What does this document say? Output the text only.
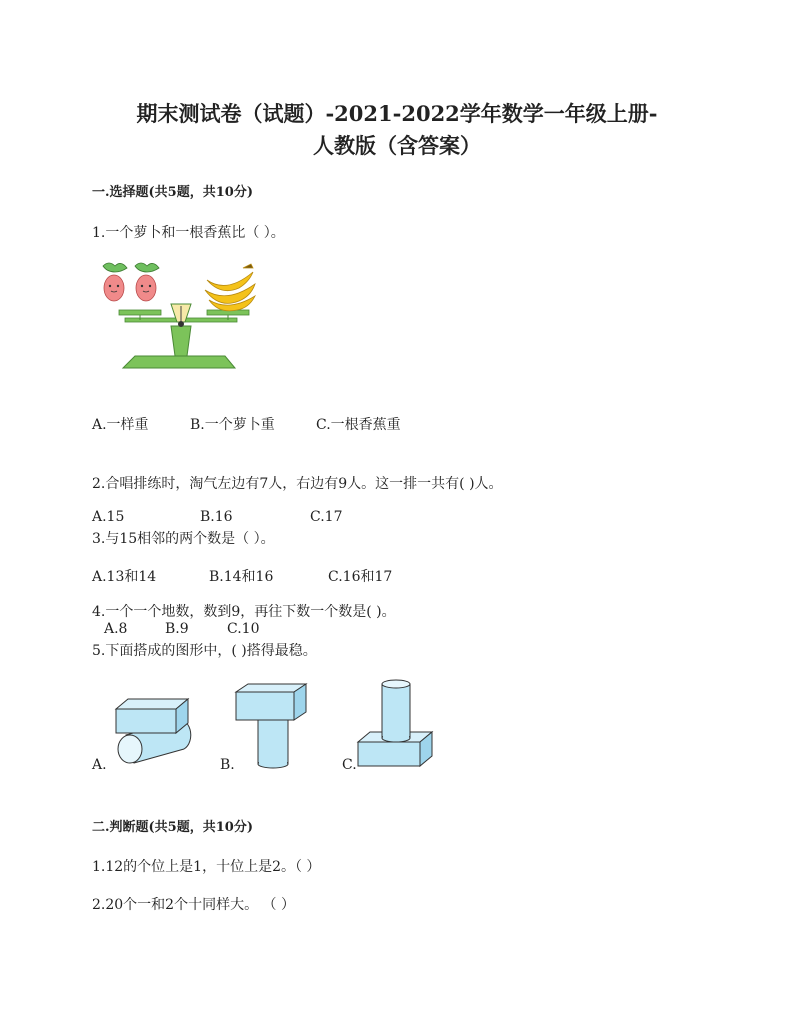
期末测试卷（试题）-2021-2022学年数学一年级上册-
人教版（含答案）
一.选择题(共5题，共10分)
1.一个萝卜和一根香蕉比（ ）。
A.一样重	B.一个萝卜重	C.一根香蕉重
2.合唱排练时，淘气左边有7人，右边有9人。这一排一共有( )人。
A.15	B.16	C.17
3.与15相邻的两个数是（ ）。
A.13和14	B.14和16	C.16和17
4.一个一个地数，数到9，再往下数一个数是( )。
A.8	B.9	C.10
5.下面搭成的图形中，( )搭得最稳。
A.	B.	C.
二.判断题(共5题，共10分)
1.12的个位上是1，十位上是2。（ ）
2.20个一和2个十同样大。 （ ）
